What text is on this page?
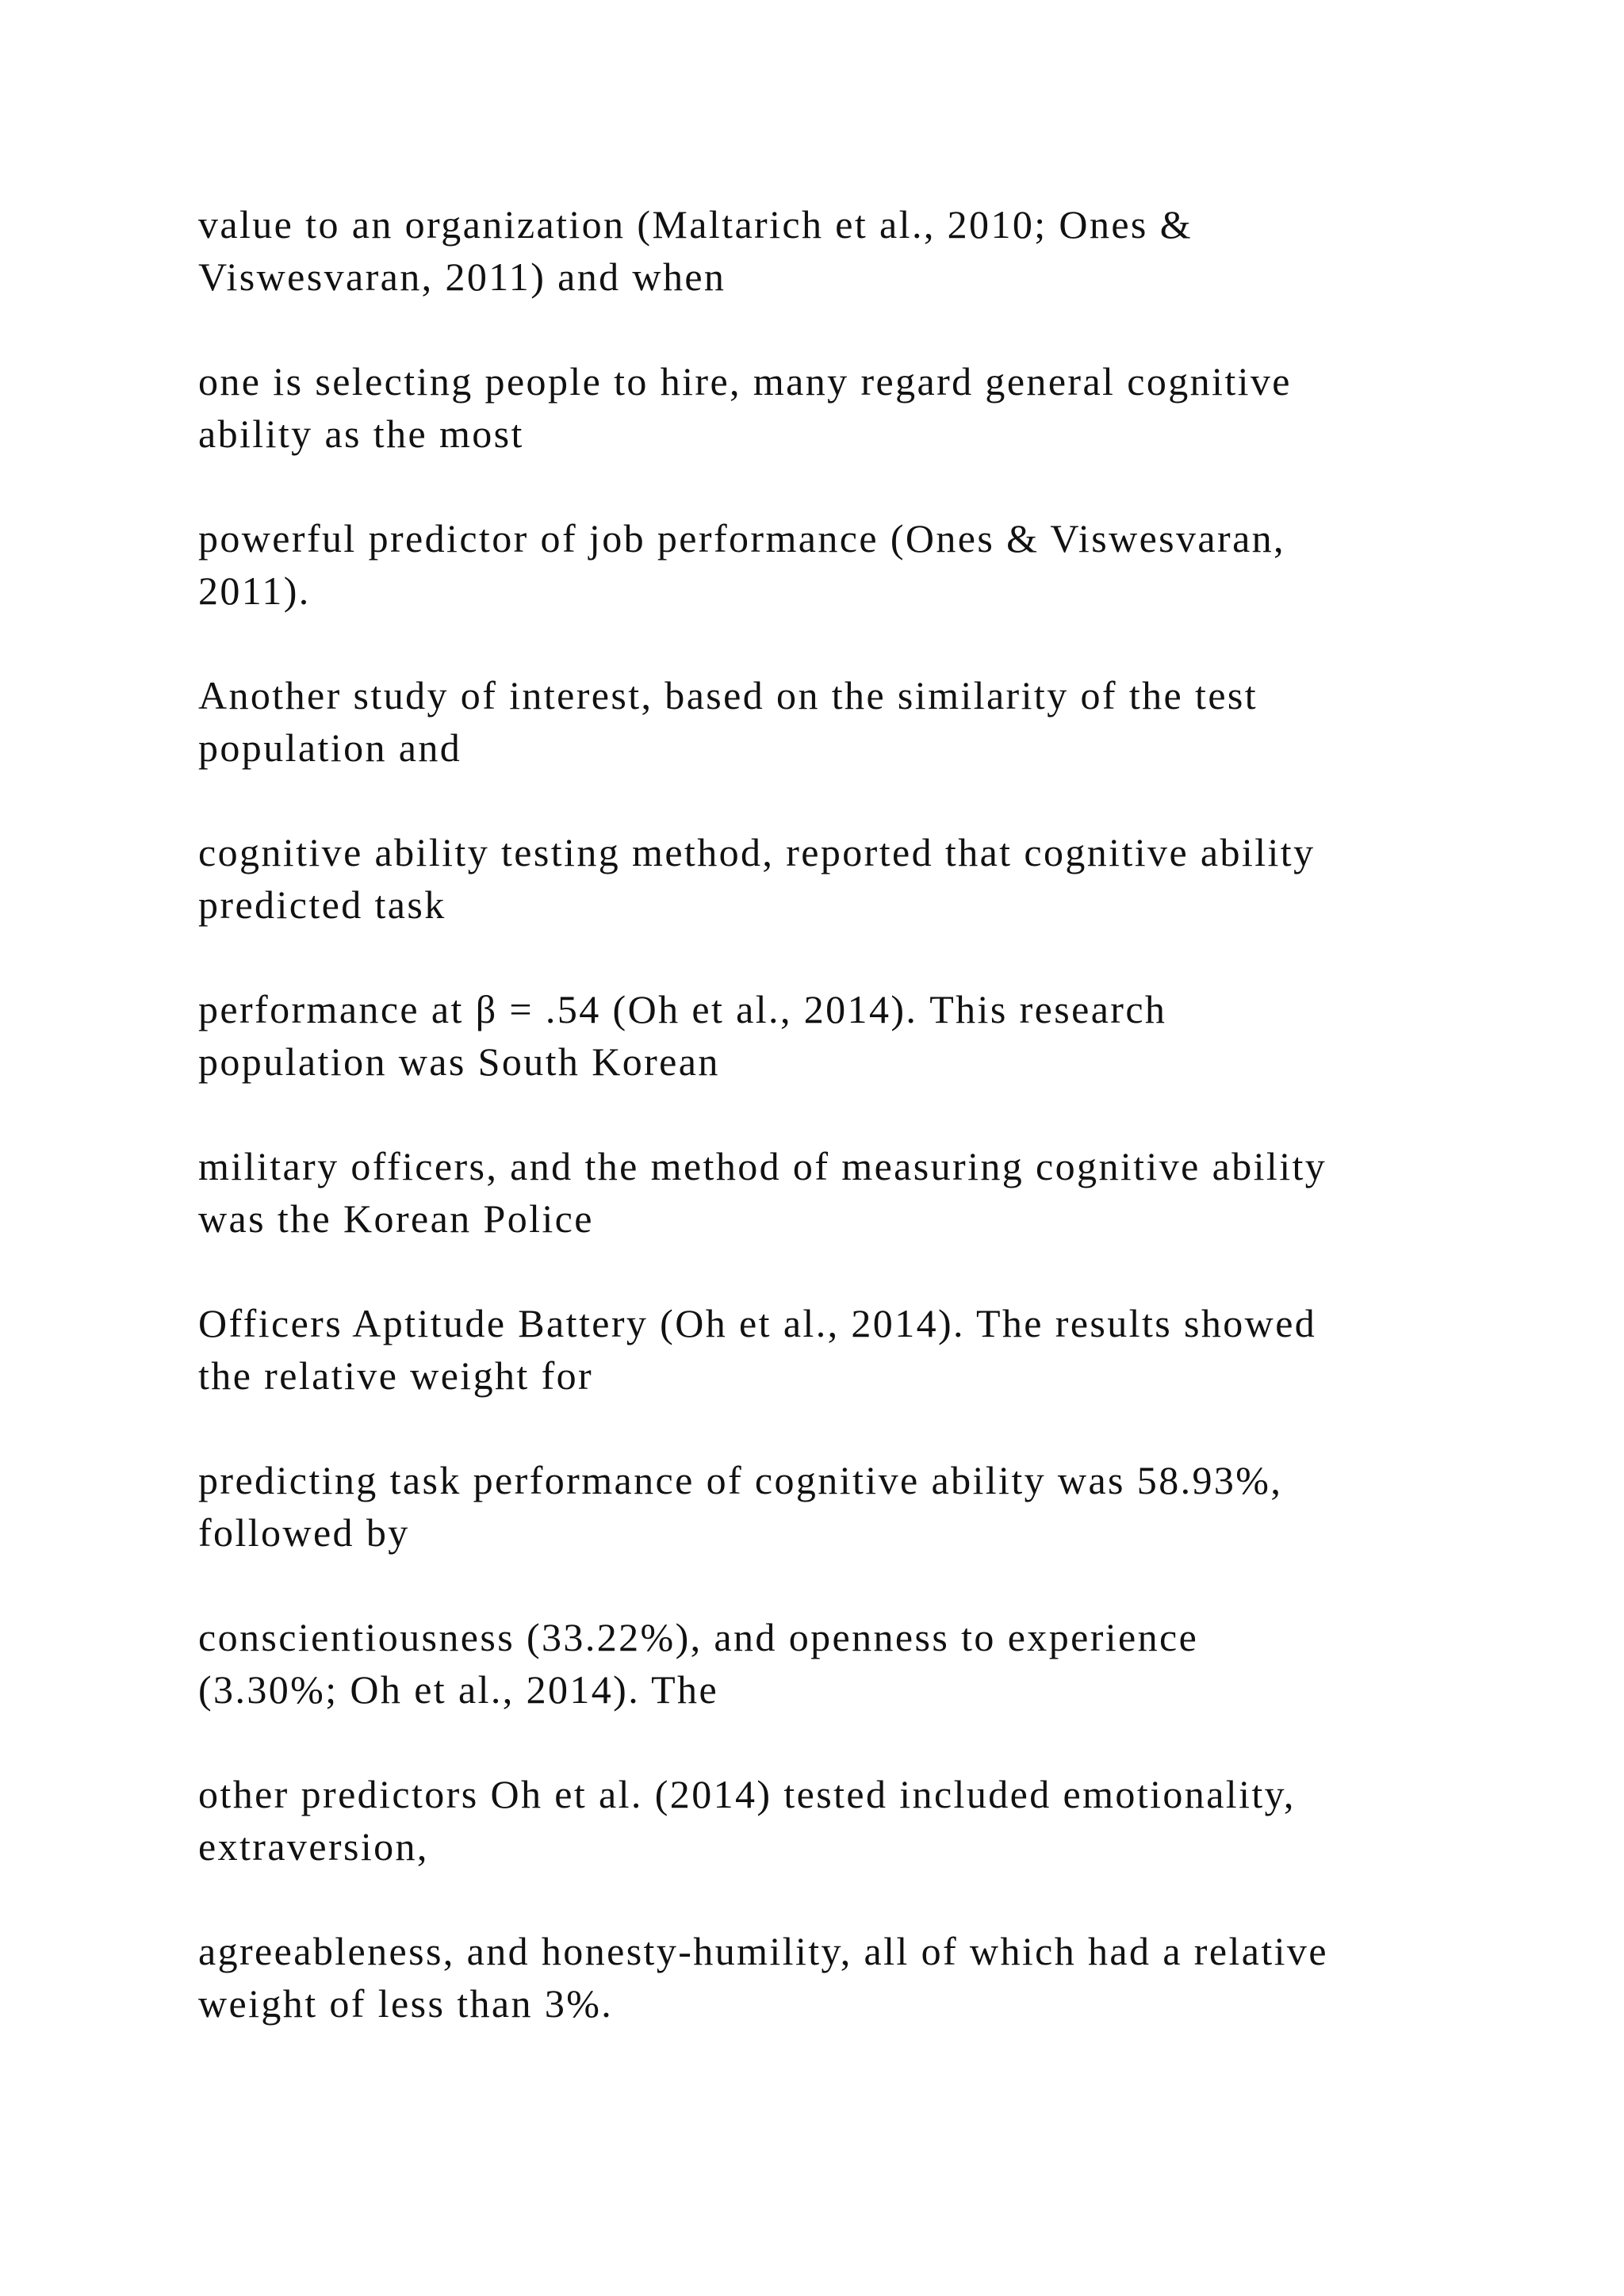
value to an organization (Maltarich et al., 2010; Ones &
Viswesvaran, 2011) and when

one is selecting people to hire, many regard general cognitive
ability as the most

powerful predictor of job performance (Ones & Viswesvaran,
2011).

Another study of interest, based on the similarity of the test
population and

cognitive ability testing method, reported that cognitive ability
predicted task

performance at β = .54 (Oh et al., 2014). This research
population was South Korean

military officers, and the method of measuring cognitive ability
was the Korean Police

Officers Aptitude Battery (Oh et al., 2014). The results showed
the relative weight for

predicting task performance of cognitive ability was 58.93%,
followed by

conscientiousness (33.22%), and openness to experience
(3.30%; Oh et al., 2014). The

other predictors Oh et al. (2014) tested included emotionality,
extraversion,

agreeableness, and honesty-humility, all of which had a relative
weight of less than 3%.
